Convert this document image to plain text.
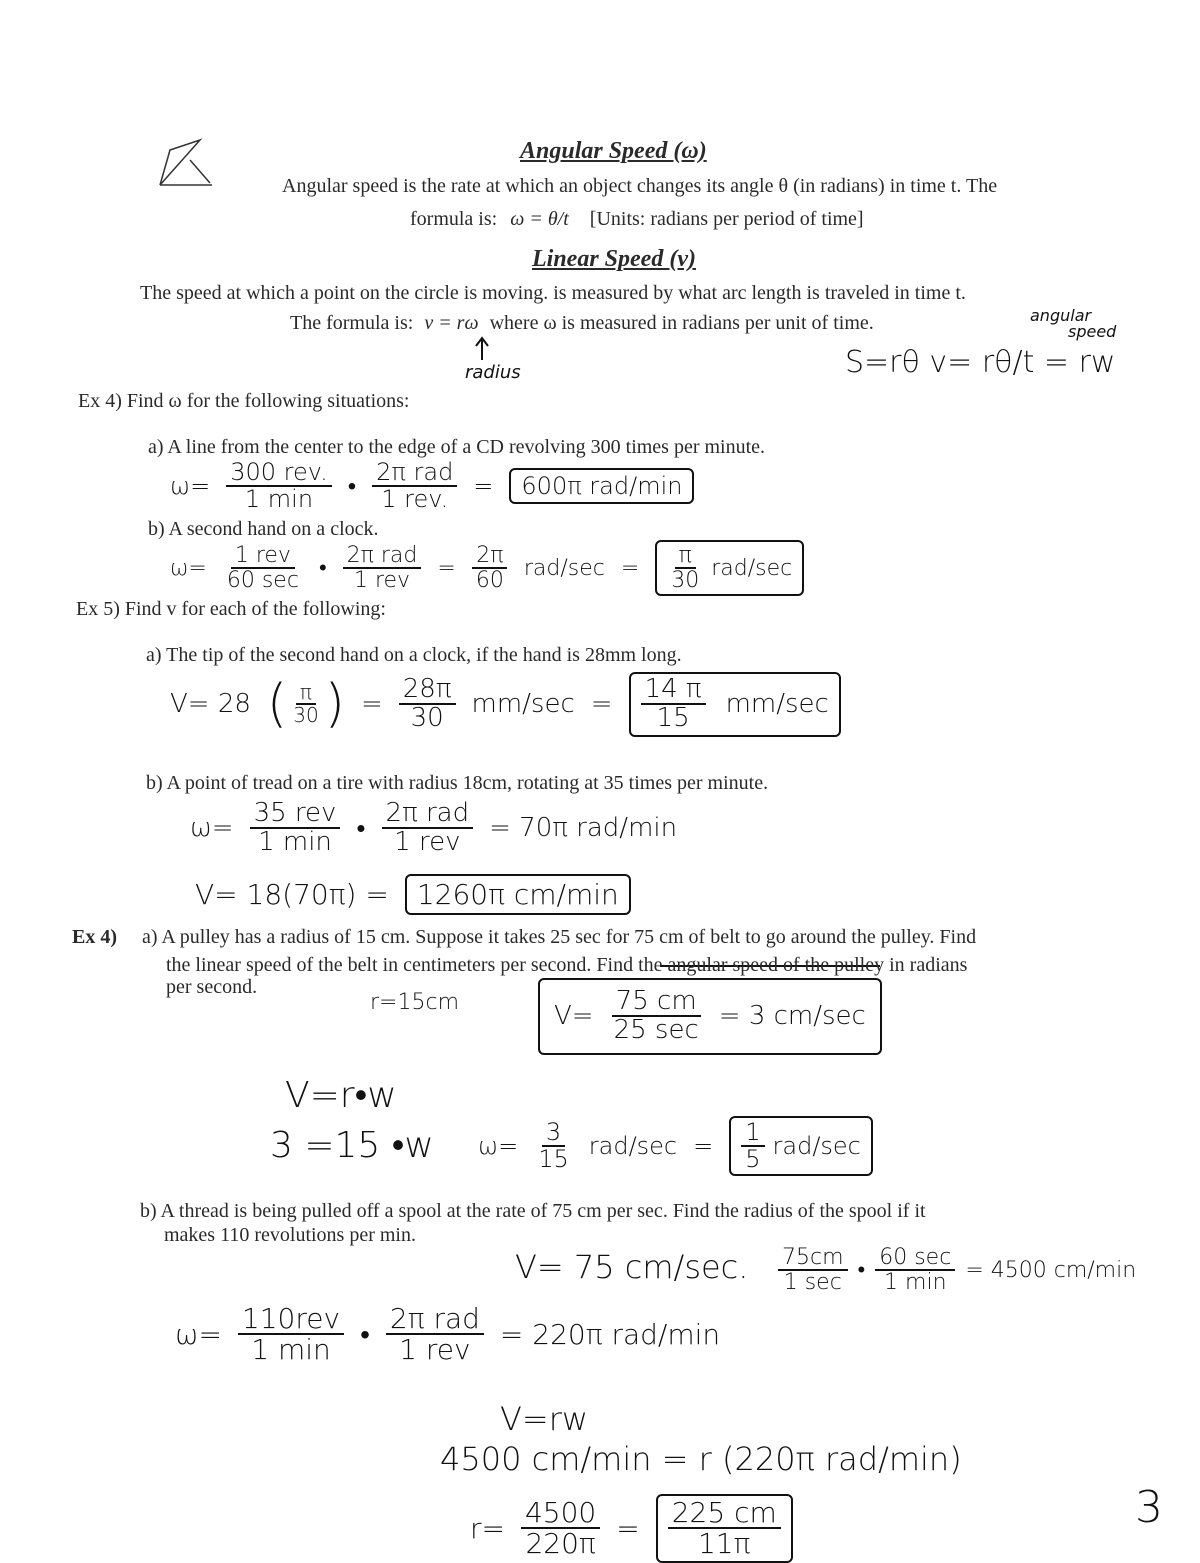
Angular Speed (ω)
Angular speed is the rate at which an object changes its angle θ (in radians) in time t. The
formula is: ω = θ/t [Units: radians per period of time]
Linear Speed (v)
The speed at which a point on the circle is moving. is measured by what arc length is traveled in time t.
The formula is: v = rω where ω is measured in radians per unit of time.	angular
speed
radius	S=rθ v= rθ/t = rw
Ex 4) Find ω for the following situations:
a) A line from the center to the edge of a CD revolving 300 times per minute.
$\omega= \frac{\text{300 rev.}}{1 \min}$ • $\frac{\text{2π rad}}{\text{1 rev.}}$ =	600π rad/min
b) A second hand on a clock.
$\omega= \frac{\text{1 rev}}{60 \sec}$ • $\frac{\text{2π rad}}{\text{1 rev}} = \frac{2\pi}{60} rad/\sec = \frac{\pi}{30} rad/\sec$
Ex 5) Find v for each of the following:
a) The tip of the second hand on a clock, if the hand is 28mm long.
V= 28 ( $\frac{\pi}{30}$ ) = $\frac{28\pi}{30} mm/\sec = \frac{14 \pi}{15} mm/\sec$
b) A point of tread on a tire with radius 18cm, rotating at 35 times per minute.
$\omega= \frac{\text{35 rev}}{1 \min}$ • $\frac{\text{2π rad}}{\text{1 rev}} = 70\pi$ rad/min
V= 18(70π) =	1260π cm/min
Ex 4) a) A pulley has a radius of 15 cm. Suppose it takes 25 sec for 75 cm of belt to go around the pulley. Find
the linear speed of the belt in centimeters per second. Find the angular speed of the pulley in radians
per second.
r=15cm	$V= \frac{75 cm}{25 \sec} = 3$ cm/sec
V=r•w
3 =15 •w $\omega= \frac{3}{15} rad/\sec = \frac{1}{5} rad/\sec$
b) A thread is being pulled off a spool at the rate of 75 cm per sec. Find the radius of the spool if it
makes 110 revolutions per min.
V= 75 cm/sec. $\frac{75cm}{1 \sec}$ • $\frac{60 \sec}{1 \min} = 4500$ cm/min
$\omega= \frac{\text{110rev}}{1 \min}$ • $\frac{\text{2π rad}}{\text{1 rev}} = 220\pi$ rad/min
V=rw
4500 cm/min = r (220π rad/min)
$r= \frac{4500}{220\pi} = \frac{225 cm}{11\pi}$	3
